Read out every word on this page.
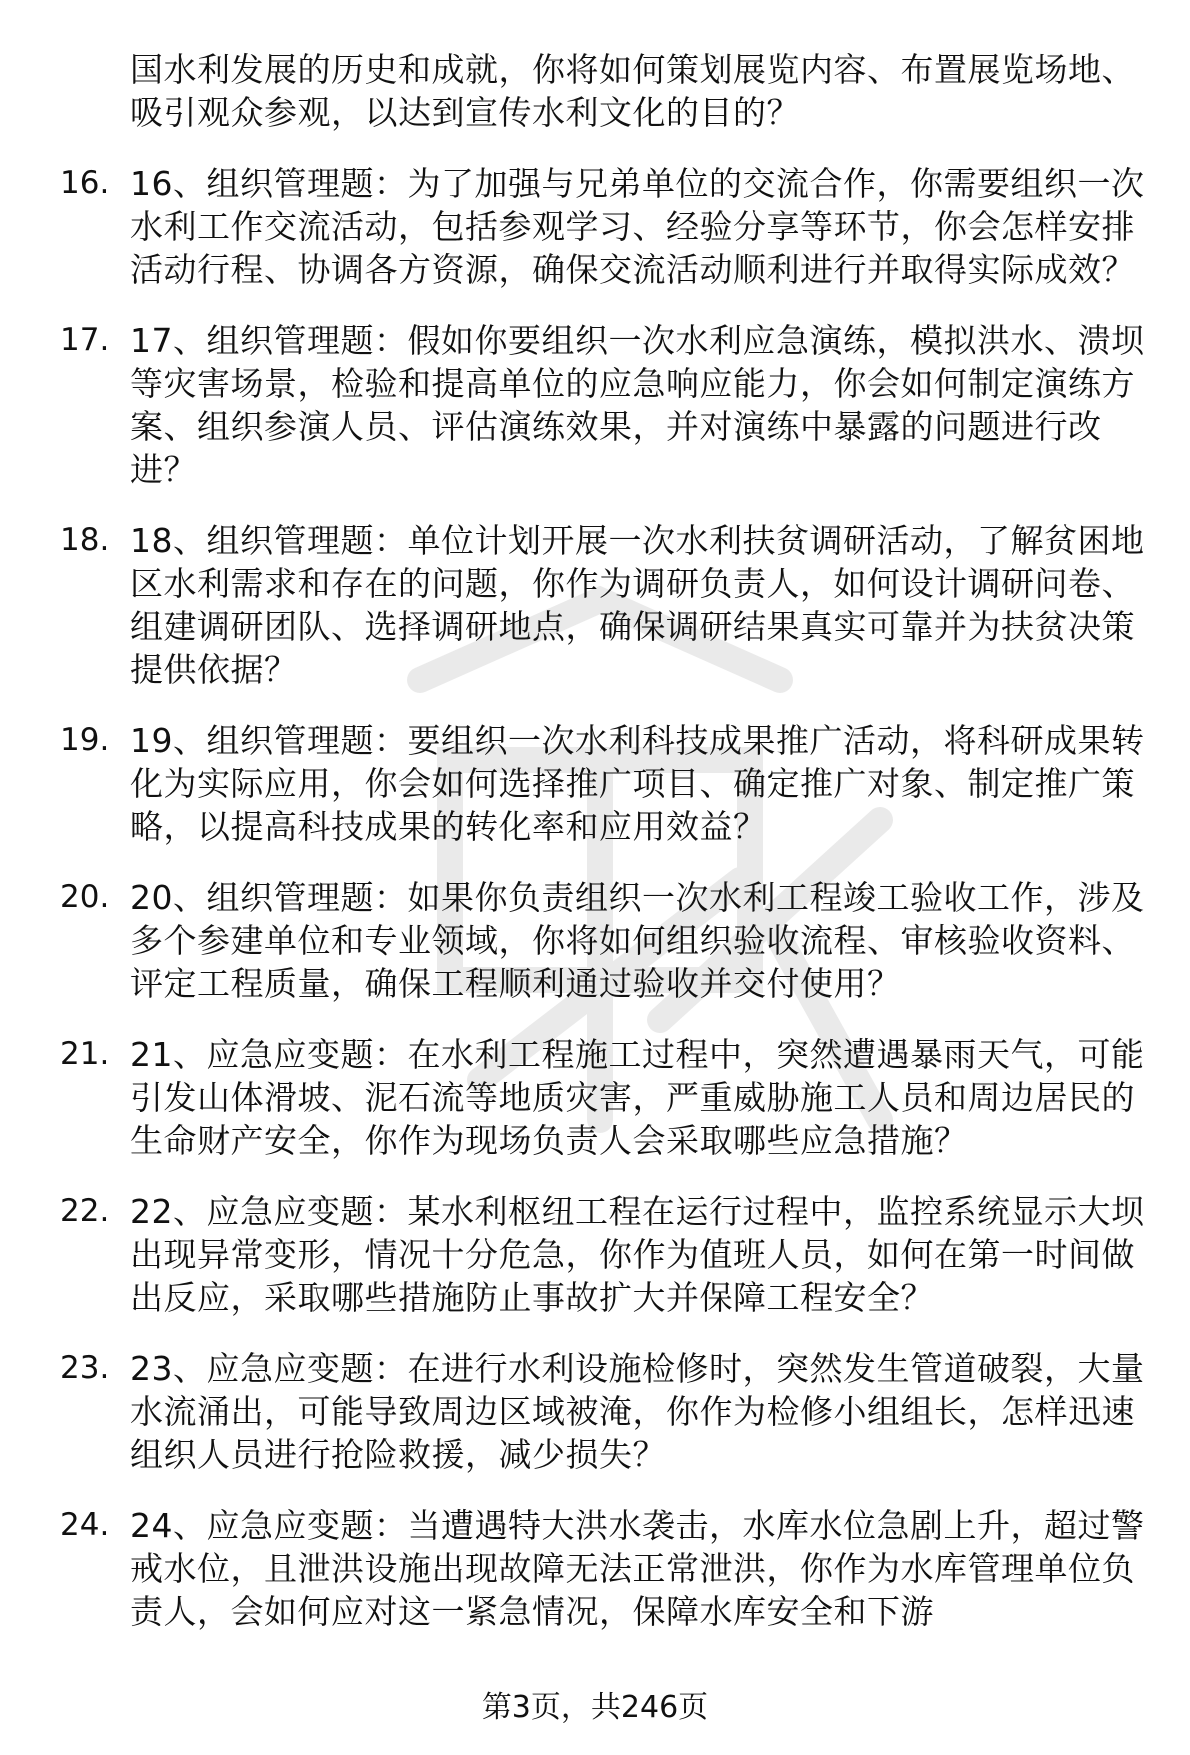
国水利发展的历史和成就，你将如何策划展览内容、布置展览场地、吸引观众参观，以达到宣传水利文化的目的？
16. 16、组织管理题：为了加强与兄弟单位的交流合作，你需要组织一次水利工作交流活动，包括参观学习、经验分享等环节，你会怎样安排活动行程、协调各方资源，确保交流活动顺利进行并取得实际成效？
17. 17、组织管理题：假如你要组织一次水利应急演练，模拟洪水、溃坝等灾害场景，检验和提高单位的应急响应能力，你会如何制定演练方案、组织参演人员、评估演练效果，并对演练中暴露的问题进行改进？
18. 18、组织管理题：单位计划开展一次水利扶贫调研活动，了解贫困地区水利需求和存在的问题，你作为调研负责人，如何设计调研问卷、组建调研团队、选择调研地点，确保调研结果真实可靠并为扶贫决策提供依据？
19. 19、组织管理题：要组织一次水利科技成果推广活动，将科研成果转化为实际应用，你会如何选择推广项目、确定推广对象、制定推广策略，以提高科技成果的转化率和应用效益？
20. 20、组织管理题：如果你负责组织一次水利工程竣工验收工作，涉及多个参建单位和专业领域，你将如何组织验收流程、审核验收资料、评定工程质量，确保工程顺利通过验收并交付使用？
21. 21、应急应变题：在水利工程施工过程中，突然遭遇暴雨天气，可能引发山体滑坡、泥石流等地质灾害，严重威胁施工人员和周边居民的生命财产安全，你作为现场负责人会采取哪些应急措施？
22. 22、应急应变题：某水利枢纽工程在运行过程中，监控系统显示大坝出现异常变形，情况十分危急，你作为值班人员，如何在第一时间做出反应，采取哪些措施防止事故扩大并保障工程安全？
23. 23、应急应变题：在进行水利设施检修时，突然发生管道破裂，大量水流涌出，可能导致周边区域被淹，你作为检修小组组长，怎样迅速组织人员进行抢险救援，减少损失？
24. 24、应急应变题：当遭遇特大洪水袭击，水库水位急剧上升，超过警戒水位，且泄洪设施出现故障无法正常泄洪，你作为水库管理单位负责人，会如何应对这一紧急情况，保障水库安全和下游
第3页，共246页
